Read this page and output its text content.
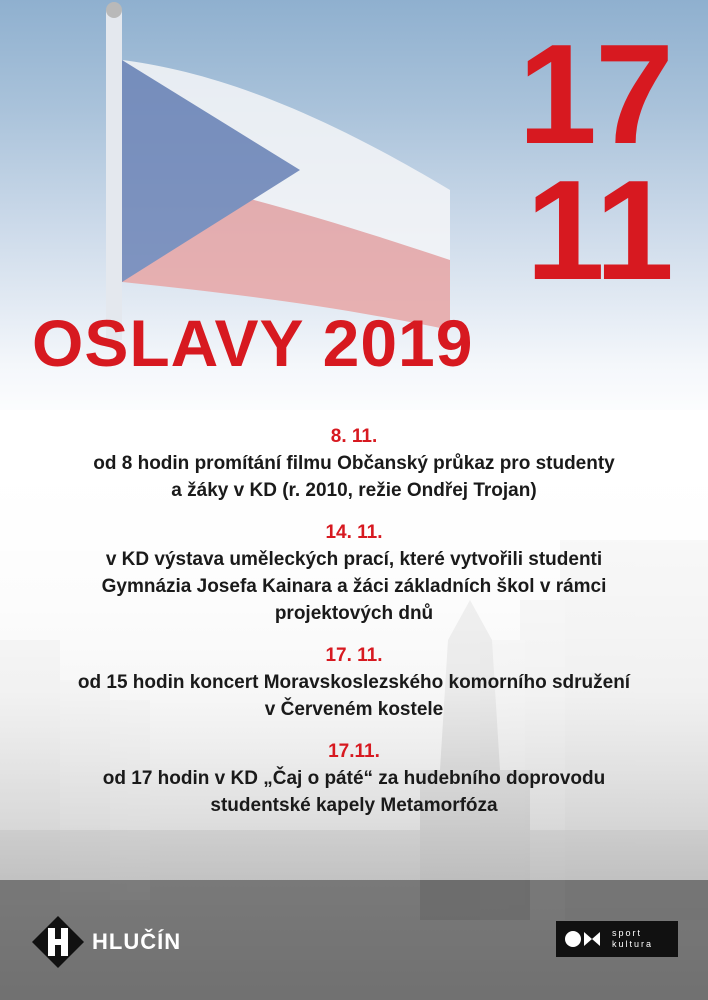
17
11
OSLAVY 2019
8. 11.
od 8 hodin promítání filmu Občanský průkaz pro studenty
a žáky v KD (r. 2010, režie Ondřej Trojan)
14. 11.
v KD výstava uměleckých prací, které vytvořili studenti
Gymnázia Josefa Kainara a žáci základních škol v rámci
projektových dnů
17. 11.
od 15 hodin koncert Moravskoslezského komorního sdružení
v Červeném kostele
17.11.
od 17 hodin v KD „Čaj o páté“ za hudebního doprovodu
studentské kapely Metamorfóza
HLUČÍN	sport
kultura
